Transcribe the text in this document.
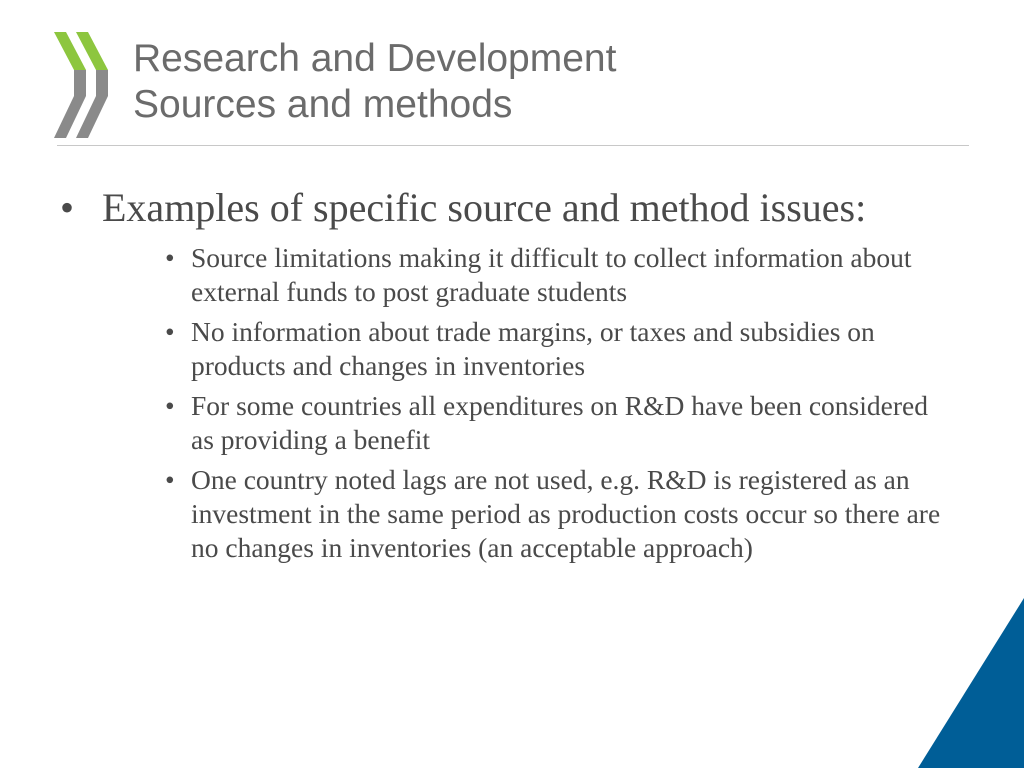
Research and Development
Sources and methods
• Examples of specific source and method issues:
• Source limitations making it difficult to collect information about external funds to post graduate students
• No information about trade margins, or taxes and subsidies on products and changes in inventories
• For some countries all expenditures on R&D have been considered as providing a benefit
• One country noted lags are not used, e.g. R&D is registered as an investment in the same period as production costs occur so there are no changes in inventories (an acceptable approach)
